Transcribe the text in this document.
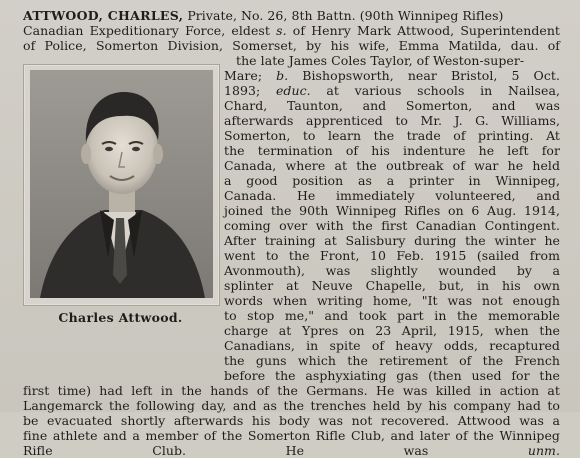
Charles Attwood.
ATTWOOD, CHARLES, Private, No. 26, 8th Battn. (90th Winnipeg Rifles)
Canadian Expeditionary Force, eldest s. of Henry Mark Attwood, Superintendent
of Police, Somerton Division, Somerset, by his wife, Emma Matilda, dau. of
the late James Coles Taylor, of Weston-super-
Mare; b. Bishopsworth, near Bristol, 5 Oct.
1893; educ. at various schools in Nailsea,
Chard, Taunton, and Somerton, and was
afterwards apprenticed to Mr. J. G. Williams,
Somerton, to learn the trade of printing. At
the termination of his indenture he left for
Canada, where at the outbreak of war he held
a good position as a printer in Winnipeg,
Canada. He immediately volunteered, and
joined the 90th Winnipeg Rifles on 6 Aug. 1914,
coming over with the first Canadian Contingent.
After training at Salisbury during the winter he
went to the Front, 10 Feb. 1915 (sailed from
Avonmouth), was slightly wounded by a
splinter at Neuve Chapelle, but, in his own
words when writing home, "It was not enough
to stop me," and took part in the memorable
charge at Ypres on 23 April, 1915, when the
Canadians, in spite of heavy odds, recaptured
the guns which the retirement of the French
before the asphyxiating gas (then used for the
first time) had left in the hands of the Germans. He was killed in action at
Langemarck the following day, and as the trenches held by his company had to
be evacuated shortly afterwards his body was not recovered. Attwood was a
fine athlete and a member of the Somerton Rifle Club, and later of the Winnipeg
Rifle Club. He was unm.
